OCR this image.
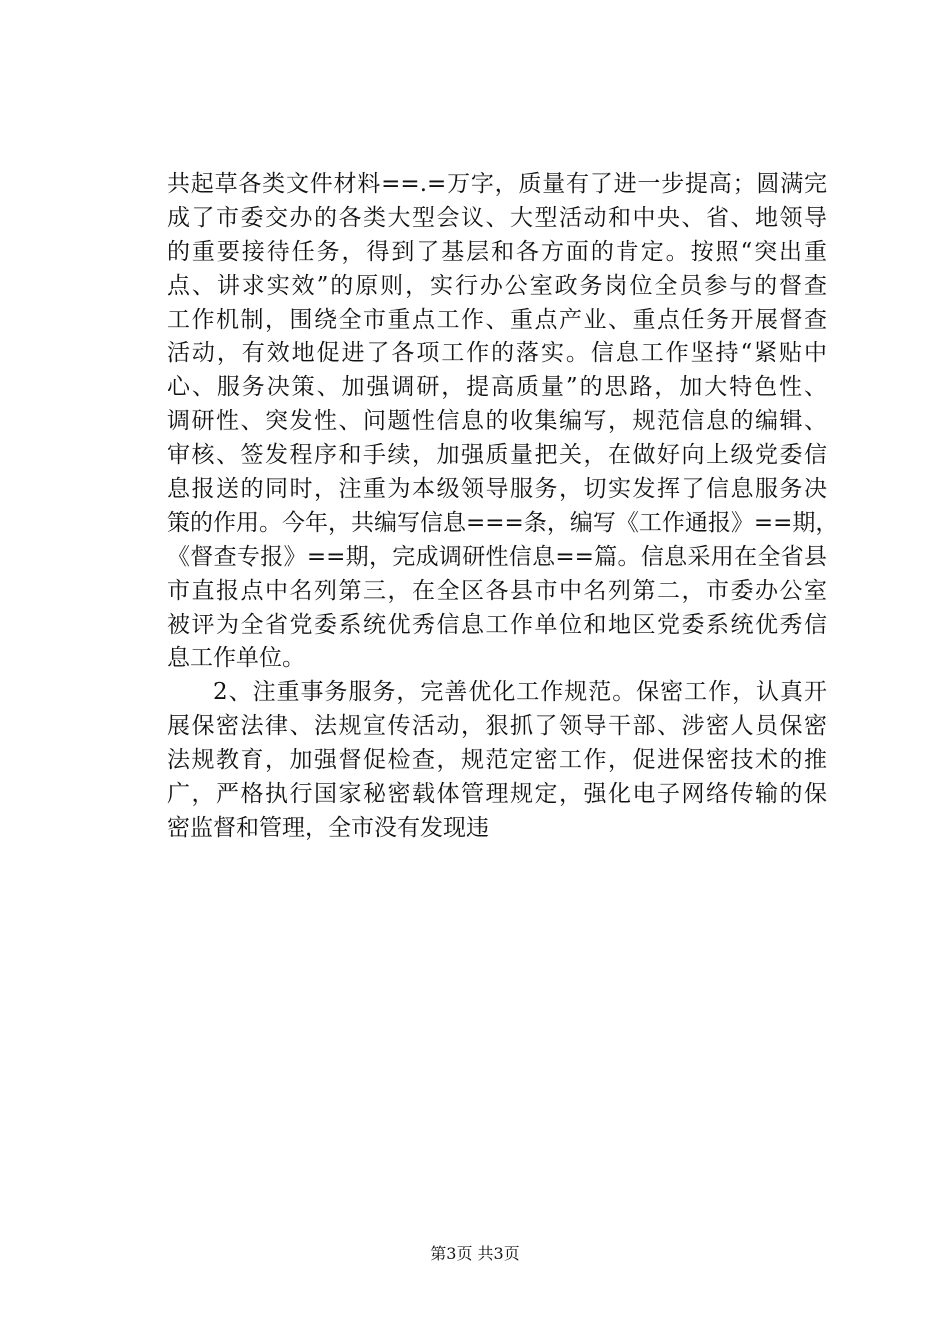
共起草各类文件材料==.=万字，质量有了进一步提高；圆满完
成了市委交办的各类大型会议、大型活动和中央、省、地领导
的重要接待任务，得到了基层和各方面的肯定。按照“突出重
点、讲求实效”的原则，实行办公室政务岗位全员参与的督查
工作机制，围绕全市重点工作、重点产业、重点任务开展督查
活动，有效地促进了各项工作的落实。信息工作坚持“紧贴中
心、服务决策、加强调研，提高质量”的思路，加大特色性、
调研性、突发性、问题性信息的收集编写，规范信息的编辑、
审核、签发程序和手续，加强质量把关，在做好向上级党委信
息报送的同时，注重为本级领导服务，切实发挥了信息服务决
策的作用。今年，共编写信息===条，编写《工作通报》==期，
《督查专报》==期，完成调研性信息==篇。信息采用在全省县
市直报点中名列第三，在全区各县市中名列第二，市委办公室
被评为全省党委系统优秀信息工作单位和地区党委系统优秀信
息工作单位。
2、注重事务服务，完善优化工作规范。保密工作，认真开
展保密法律、法规宣传活动，狠抓了领导干部、涉密人员保密
法规教育，加强督促检查，规范定密工作，促进保密技术的推
广，严格执行国家秘密载体管理规定，强化电子网络传输的保
密监督和管理，全市没有发现违
第3页 共3页
